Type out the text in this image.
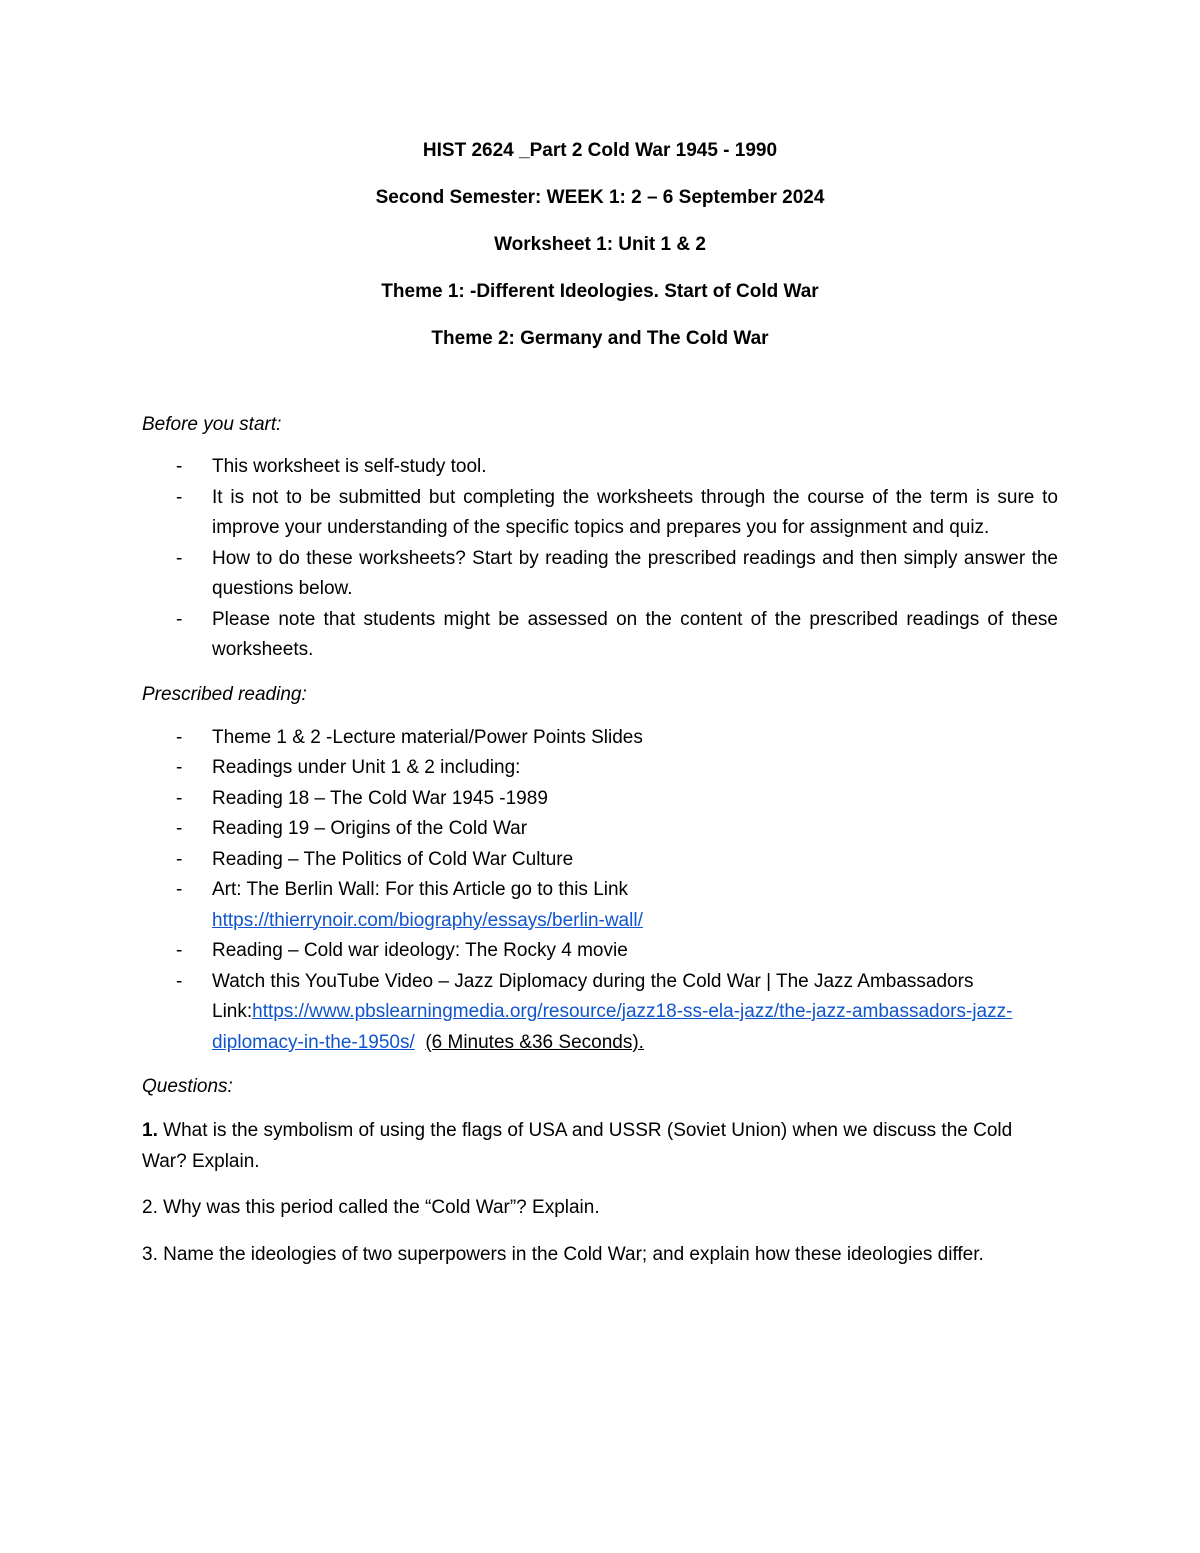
HIST 2624 _Part 2 Cold War 1945 - 1990

Second Semester: WEEK 1: 2 – 6 September 2024

Worksheet 1: Unit 1 & 2

Theme 1: -Different Ideologies. Start of Cold War

Theme 2: Germany and The Cold War

Before you start:

- This worksheet is self-study tool.
- It is not to be submitted but completing the worksheets through the course of the term is sure to improve your understanding of the specific topics and prepares you for assignment and quiz.
- How to do these worksheets? Start by reading the prescribed readings and then simply answer the questions below.
- Please note that students might be assessed on the content of the prescribed readings of these worksheets.

Prescribed reading:

- Theme 1 & 2 -Lecture material/Power Points Slides
- Readings under Unit 1 & 2 including:
- Reading 18 – The Cold War 1945 -1989
- Reading 19 – Origins of the Cold War
- Reading – The Politics of Cold War Culture
- Art: The Berlin Wall: For this Article go to this Link
https://thierrynoir.com/biography/essays/berlin-wall/
- Reading – Cold war ideology: The Rocky 4 movie
- Watch this YouTube Video – Jazz Diplomacy during the Cold War | The Jazz Ambassadors
Link:https://www.pbslearningmedia.org/resource/jazz18-ss-ela-jazz/the-jazz-ambassadors-jazz-diplomacy-in-the-1950s/ (6 Minutes &36 Seconds).

Questions:

1. What is the symbolism of using the flags of USA and USSR (Soviet Union) when we discuss the Cold War? Explain.

2. Why was this period called the “Cold War”? Explain.

3. Name the ideologies of two superpowers in the Cold War; and explain how these ideologies differ.
